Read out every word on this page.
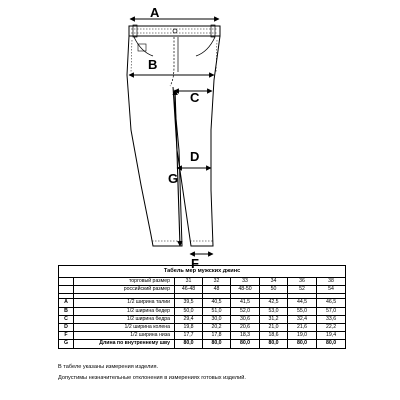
A
B
C
D
G
F
Табель мер мужских джинс							
	торговый размер	31	32	33	34	36	38
	российский размер	46-48	48	48-50	50	52	54

A	1/2 ширина талии	39,5	40,5	41,5	42,5	44,5	46,5
B	1/2 ширина бедер	50,0	51,0	52,0	53,0	55,0	57,0
C	1/2 ширина бедра	29,4	30,0	30,6	31,2	32,4	33,6
D	1/2 ширина колена	19,8	20,2	20,6	21,0	21,6	22,2
F	1/2 ширина низа	17,7	17,8	18,3	18,6	19,0	19,4
G	Длина по внутреннему шву	80,0	80,0	80,0	80,0	80,0	80,0
В табеле указаны измерения изделия.
Допустимы незначительные отклонения в измерениях готовых изделий.
